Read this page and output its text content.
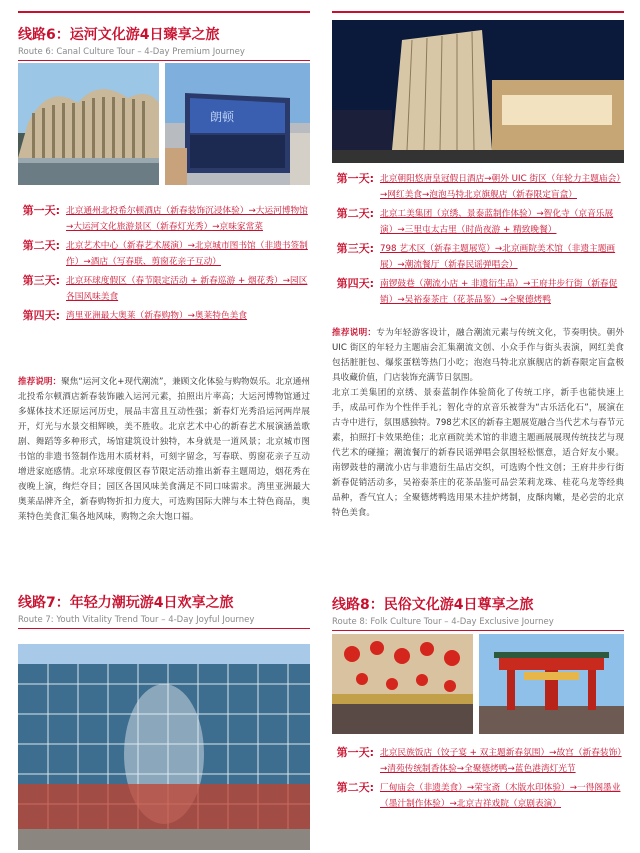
线路6：运河文化游4日臻享之旅
Route 6: Canal Culture Tour – 4-Day Premium Journey
朗顿
第一天: 北京通州北投希尔顿酒店（新春装饰沉浸体验）→大运河博物馆→大运河文化旅游景区（新春灯光秀）→京味家常菜
第二天: 北京艺术中心（新春艺术展演）→北京城市图书馆（非遗书签制作）→酒店（写春联、剪窗花亲子互动）
第三天: 北京环球度假区（春节限定活动 + 新春巡游 + 烟花秀）→园区各国风味美食
第四天: 湾里亚洲最大奥莱（新春购物）→奥莱特色美食
推荐说明：聚焦“运河文化+现代潮流”，兼顾文化体验与购物娱乐。北京通州北投希尔顿酒店新春装饰融入运河元素，拍照出片率高；大运河博物馆通过多媒体技术还原运河历史，展品丰富且互动性强；新春灯光秀沿运河两岸展开，灯光与水景交相辉映，美不胜收。北京艺术中心的新春艺术展演涵盖歌剧、舞蹈等多种形式，场馆建筑设计独特，本身就是一道风景；北京城市图书馆的非遗书签制作选用木质材料，可刻字留念，写春联、剪窗花亲子互动增进家庭感情。北京环球度假区春节限定活动推出新春主题周边，烟花秀在夜晚上演，绚烂夺目；园区各国风味美食满足不同口味需求。湾里亚洲最大奥莱品牌齐全，新春购物折扣力度大，可选购国际大牌与本土特色商品，奥莱特色美食汇集各地风味，购物之余大饱口福。
线路7：年轻力潮玩游4日欢享之旅
Route 7: Youth Vitality Trend Tour – 4-Day Joyful Journey
第一天: 北京朝阳悠唐皇冠假日酒店→朝外 UIC 街区（年轮力主题庙会）→网红美食→泡泡马特北京旗舰店（新春限定盲盒）
第二天: 北京工美集团（京绣、景泰蓝制作体验）→智化寺（京音乐展演）→三里屯太古里（时尚夜游 + 精致晚餐）
第三天: 798 艺术区（新春主题展览）→北京画院美术馆（非遗主题画展）→潮流餐厅（新春民谣弹唱会）
第四天: 南锣鼓巷（潮流小店 + 非遗衍生品）→王府井步行街（新春促销）→吴裕泰茶庄（花茶品鉴）→全聚德烤鸭
推荐说明：专为年轻游客设计，融合潮流元素与传统文化，节奏明快。朝外 UIC 街区的年轻力主题庙会汇集潮流文创、小众手作与街头表演，网红美食包括脏脏包、爆浆蛋糕等热门小吃；泡泡马特北京旗舰店的新春限定盲盒极具收藏价值，门店装饰充满节日氛围。
北京工美集团的京绣、景泰蓝制作体验简化了传统工序，新手也能快速上手，成品可作为个性伴手礼；智化寺的京音乐被誉为“古乐活化石”，展演在古寺中进行，氛围感独特。798艺术区的新春主题展览融合当代艺术与春节元素，拍照打卡效果绝佳；北京画院美术馆的非遗主题画展展现传统技艺与现代艺术的碰撞；潮流餐厅的新春民谣弹唱会氛围轻松惬意，适合好友小聚。南锣鼓巷的潮流小店与非遗衍生品店交织，可选购个性文创；王府井步行街新春促销活动多，吴裕泰茶庄的花茶品鉴可品尝茉莉龙珠、桂花乌龙等经典品种，香气宜人；全聚德烤鸭选用果木挂炉烤制，皮酥肉嫩，是必尝的北京特色美食。
线路8：民俗文化游4日尊享之旅
Route 8: Folk Culture Tour – 4-Day Exclusive Journey
第一天: 北京民族饭店（饺子宴 + 双主题新春氛围）→故宫（新春装饰）→清苑传统制香体验→全聚德烤鸭→蓝色港湾灯光节
第二天: 厂甸庙会（非遗美食）→荣宝斋（木版水印体验）→一得阁墨业（墨汁制作体验）→北京吉祥戏院（京剧表演）
